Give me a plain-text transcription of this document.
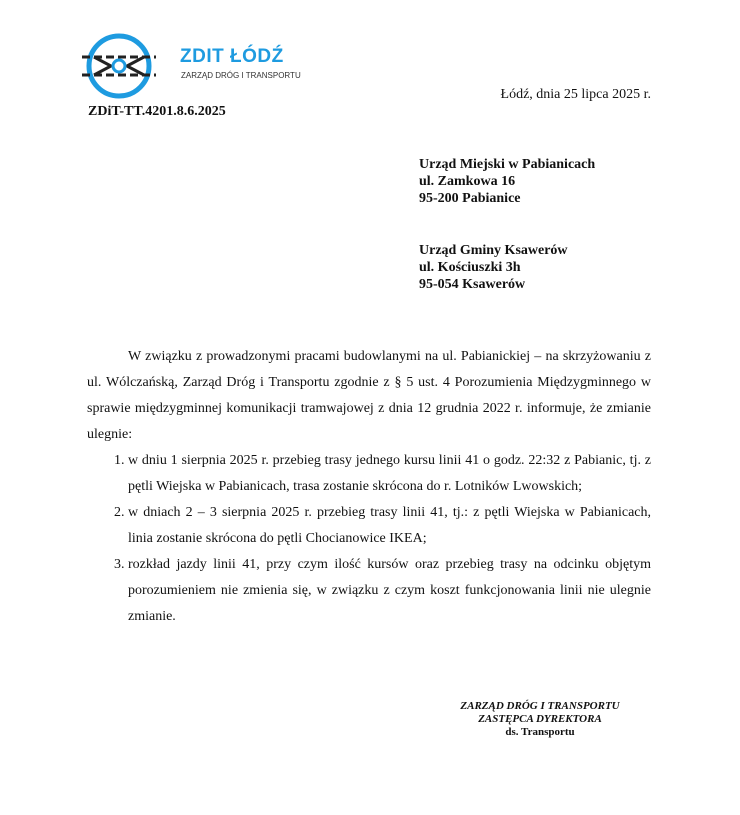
ZDIT ŁÓDŹ
ZARZĄD DRÓG I TRANSPORTU
ZDiT-TT.4201.8.6.2025
Łódź, dnia 25 lipca 2025 r.
Urząd Miejski w Pabianicach
ul. Zamkowa 16
95-200 Pabianice
Urząd Gminy Ksawerów
ul. Kościuszki 3h
95-054 Ksawerów

W związku z prowadzonymi pracami budowlanymi na ul. Pabianickiej – na skrzyżowaniu z ul. Wólczańską, Zarząd Dróg i Transportu zgodnie z § 5 ust. 4 Porozumienia Międzygminnego w sprawie międzygminnej komunikacji tramwajowej z dnia 12 grudnia 2022 r. informuje, że zmianie ulegnie:

1. w dniu 1 sierpnia 2025 r. przebieg trasy jednego kursu linii 41 o godz. 22:32 z Pabianic, tj. z pętli Wiejska w Pabianicach, trasa zostanie skrócona do r. Lotników Lwowskich;
2. w dniach 2 – 3 sierpnia 2025 r. przebieg trasy linii 41, tj.: z pętli Wiejska w Pabianicach, linia zostanie skrócona do pętli Chocianowice IKEA;
3. rozkład jazdy linii 41, przy czym ilość kursów oraz przebieg trasy na odcinku objętym porozumieniem nie zmienia się, w związku z czym koszt funkcjonowania linii nie ulegnie zmianie.
ZARZĄD DRÓG I TRANSPORTU
ZASTĘPCA DYREKTORA
ds. Transportu
